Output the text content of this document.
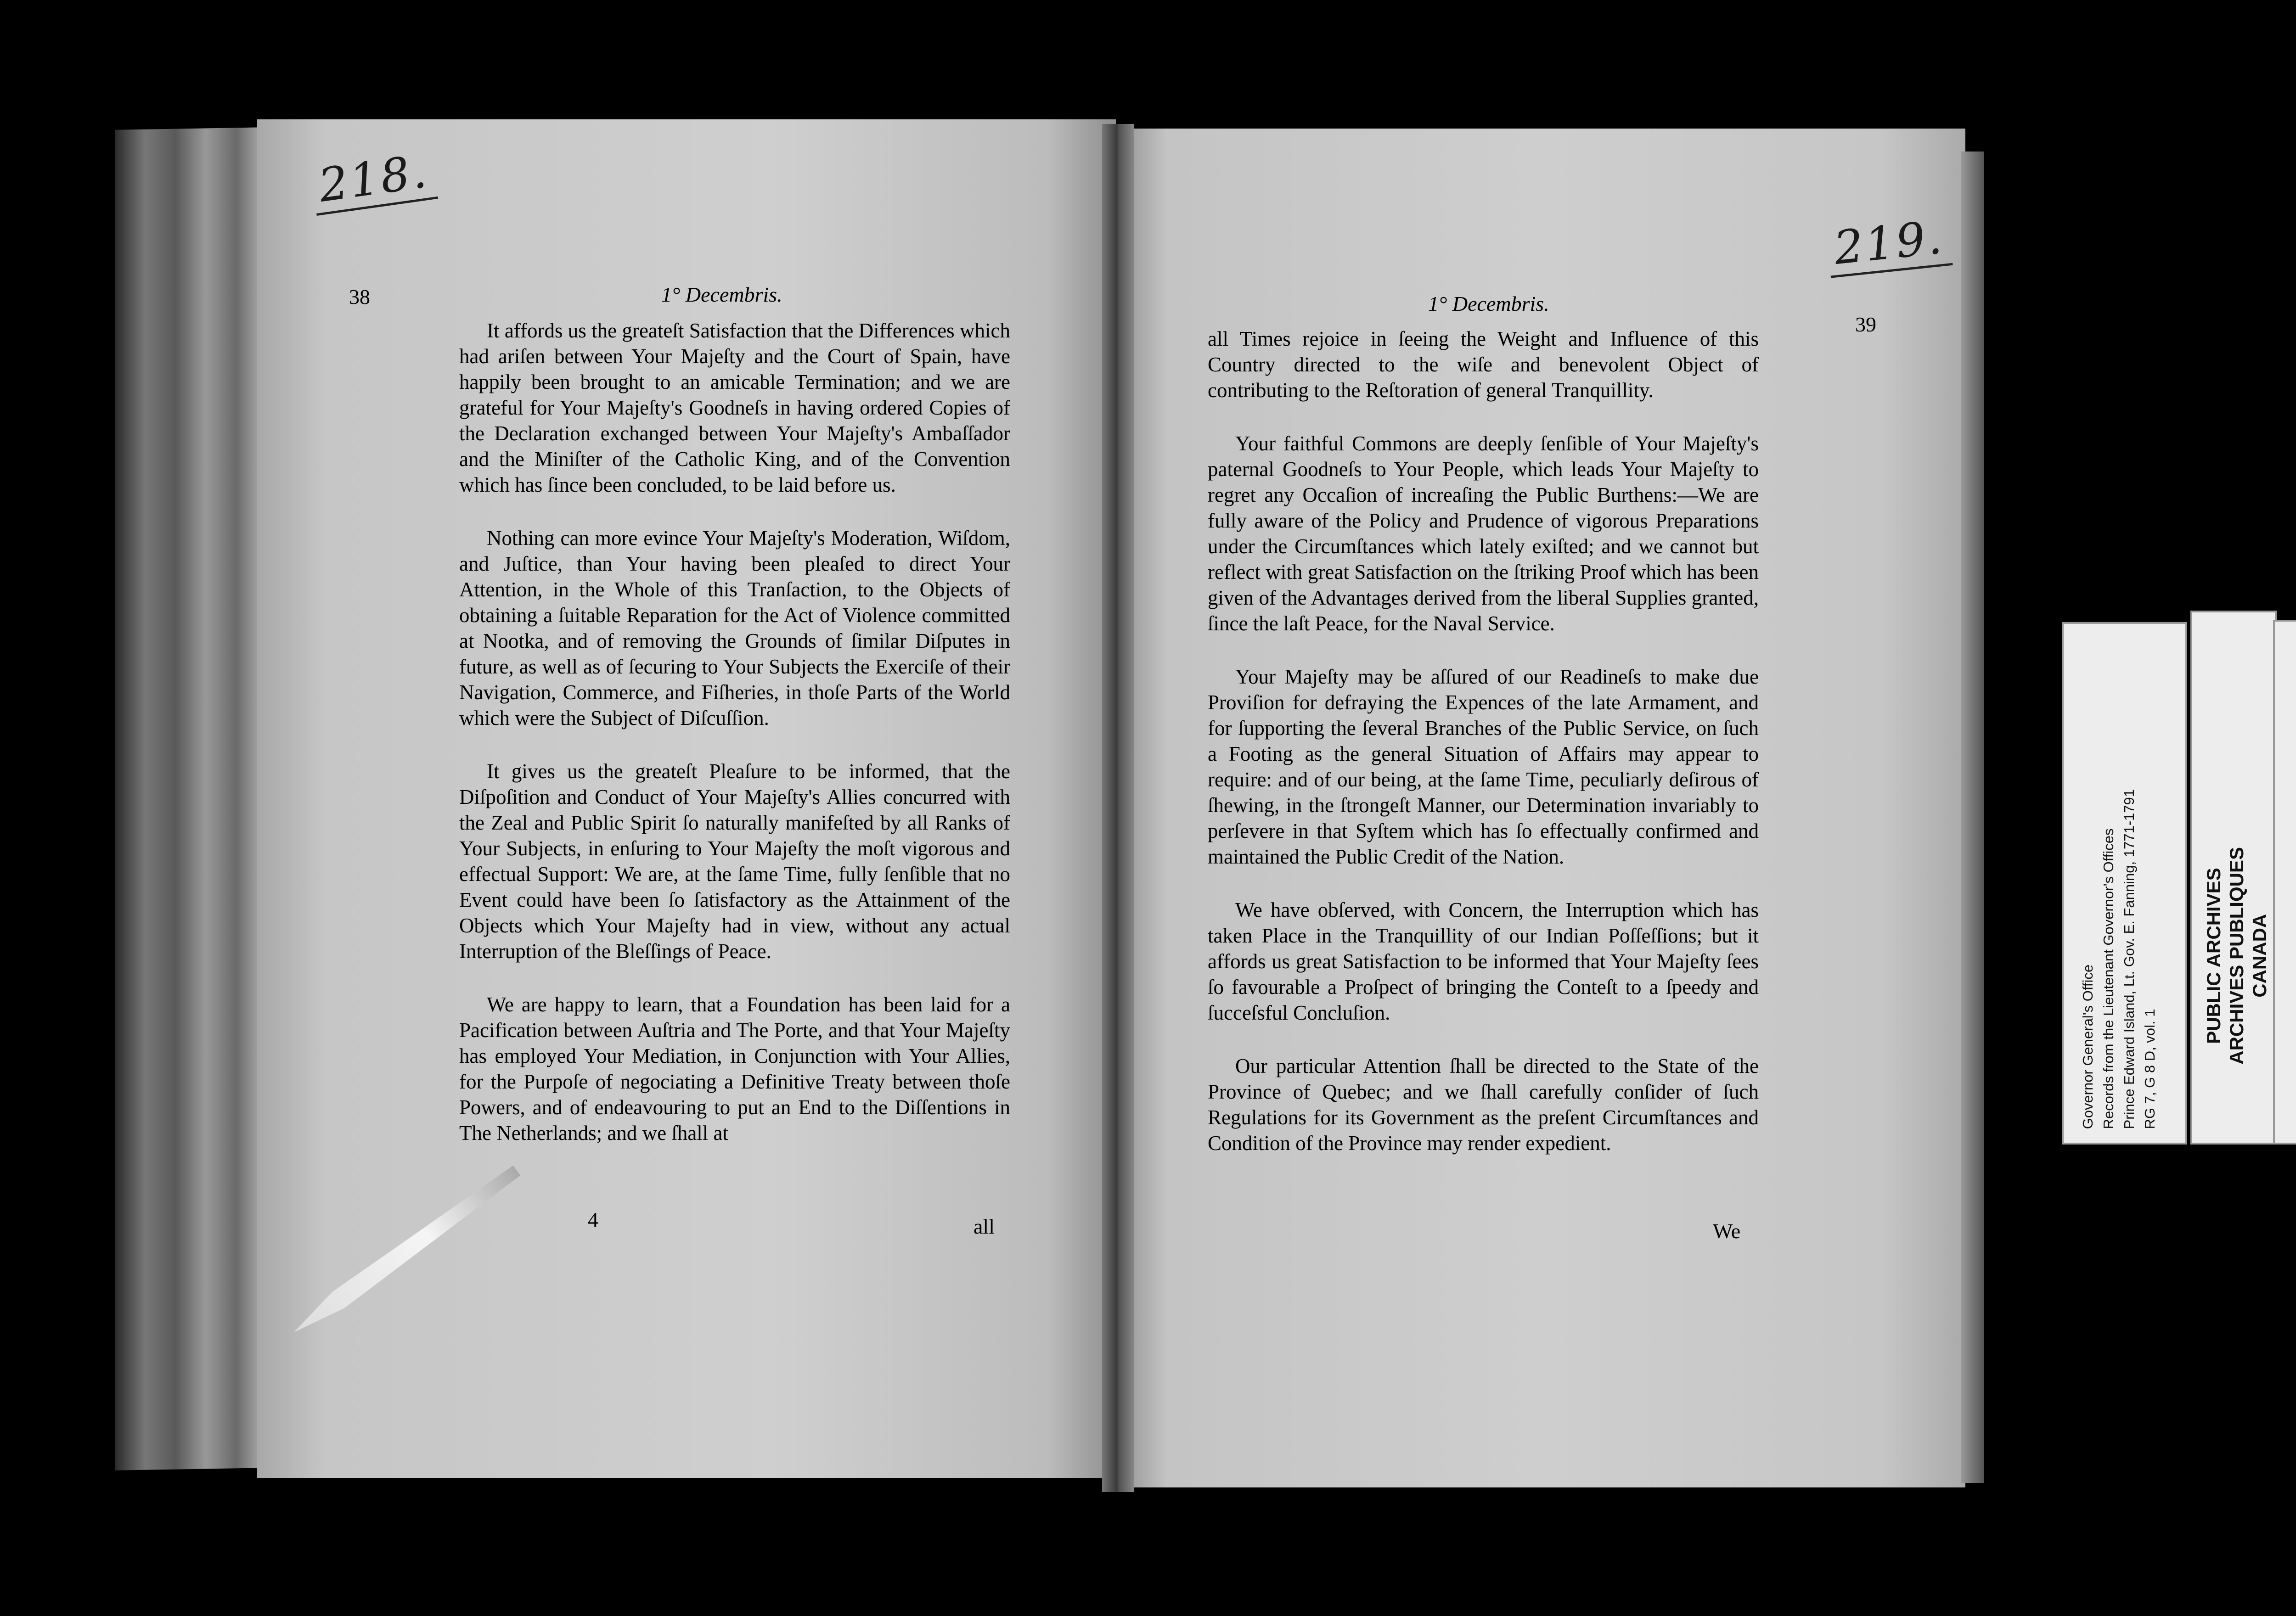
218.
38	1° Decembris.

It affords us the greateſt Satisfaction that the Differences which had ariſen between Your Majeſty and the Court of Spain, have happily been brought to an amicable Termination; and we are grateful for Your Majeſty's Goodneſs in having ordered Copies of the Declaration exchanged between Your Majeſty's Ambaſſador and the Miniſter of the Catholic King, and of the Convention which has ſince been concluded, to be laid before us.

Nothing can more evince Your Majeſty's Moderation, Wiſdom, and Juſtice, than Your having been pleaſed to direct Your Attention, in the Whole of this Tranſaction, to the Objects of obtaining a ſuitable Reparation for the Act of Violence committed at Nootka, and of removing the Grounds of ſimilar Diſputes in future, as well as of ſecuring to Your Subjects the Exerciſe of their Navigation, Commerce, and Fiſheries, in thoſe Parts of the World which were the Subject of Diſcuſſion.

It gives us the greateſt Pleaſure to be informed, that the Diſpoſition and Conduct of Your Majeſty's Allies concurred with the Zeal and Public Spirit ſo naturally manifeſted by all Ranks of Your Subjects, in enſuring to Your Majeſty the moſt vigorous and effectual Support: We are, at the ſame Time, fully ſenſible that no Event could have been ſo ſatisfactory as the Attainment of the Objects which Your Majeſty had in view, without any actual Interruption of the Bleſſings of Peace.

We are happy to learn, that a Foundation has been laid for a Pacification between Auſtria and The Porte, and that Your Majeſty has employed Your Mediation, in Conjunction with Your Allies, for the Purpoſe of negociating a Definitive Treaty between thoſe Powers, and of endeavouring to put an End to the Diſſentions in The Netherlands; and we ſhall at

4	all
219.
1° Decembris.
39

all Times rejoice in ſeeing the Weight and Influence of this Country directed to the wiſe and benevolent Object of contributing to the Reſtoration of general Tranquillity.

Your faithful Commons are deeply ſenſible of Your Majeſty's paternal Goodneſs to Your People, which leads Your Majeſty to regret any Occaſion of increaſing the Public Burthens:—We are fully aware of the Policy and Prudence of vigorous Preparations under the Circumſtances which lately exiſted; and we cannot but reflect with great Satisfaction on the ſtriking Proof which has been given of the Advantages derived from the liberal Supplies granted, ſince the laſt Peace, for the Naval Service.

Your Majeſty may be aſſured of our Readineſs to make due Proviſion for defraying the Expences of the late Armament, and for ſupporting the ſeveral Branches of the Public Service, on ſuch a Footing as the general Situation of Affairs may appear to require: and of our being, at the ſame Time, peculiarly deſirous of ſhewing, in the ſtrongeſt Manner, our Determination invariably to perſevere in that Syſtem which has ſo effectually confirmed and maintained the Public Credit of the Nation.

We have obſerved, with Concern, the Interruption which has taken Place in the Tranquillity of our Indian Poſſeſſions; but it affords us great Satisfaction to be informed that Your Majeſty ſees ſo favourable a Proſpect of bringing the Conteſt to a ſpeedy and ſucceſsful Concluſion.

Our particular Attention ſhall be directed to the State of the Province of Quebec; and we ſhall carefully conſider of ſuch Regulations for its Government as the preſent Circumſtances and Condition of the Province may render expedient.

We
Governor General's Office Records from the Lieutenant Governor's Offices Prince Edward Island, Lt. Gov. E. Fanning, 1771-1791 RG 7, G 8 D, vol. 1
PUBLIC ARCHIVES ARCHIVES PUBLIQUES CANADA
